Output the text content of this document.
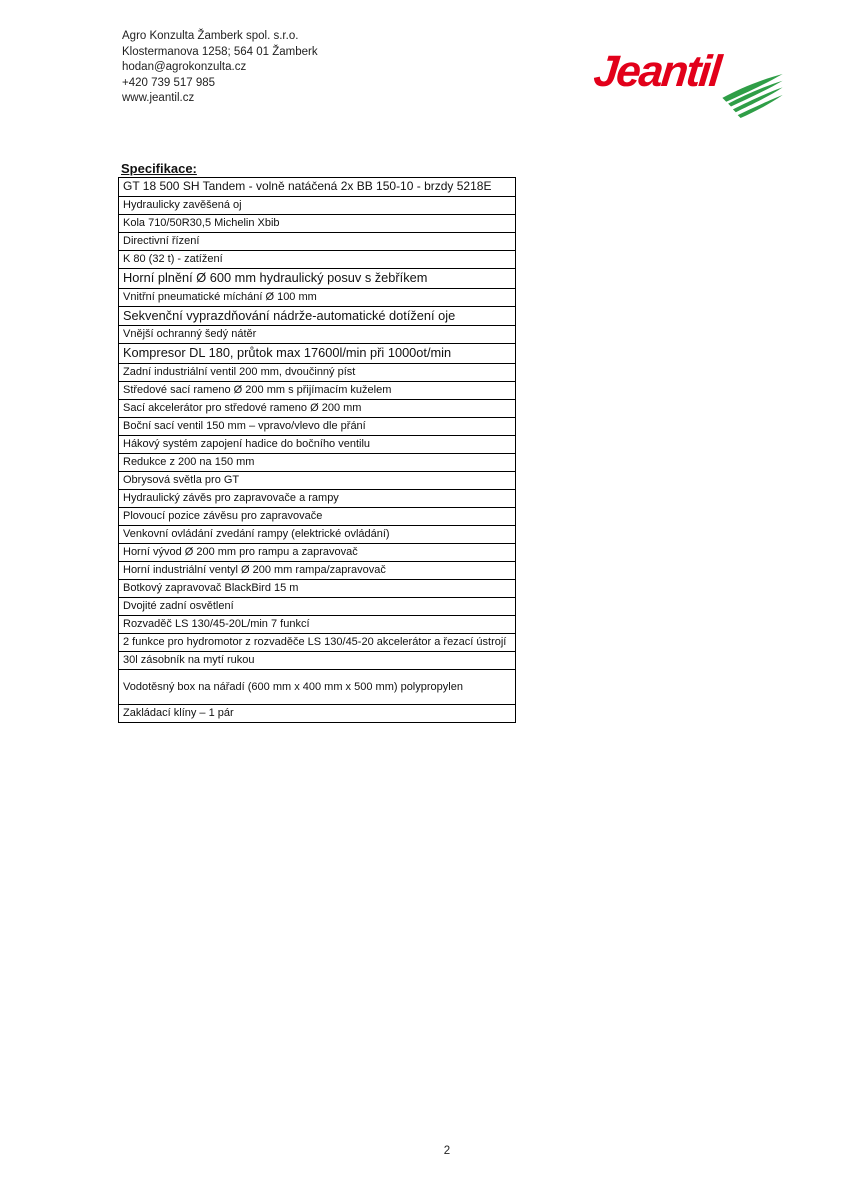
Agro Konzulta Žamberk spol. s.r.o.
Klostermanova 1258; 564 01 Žamberk
hodan@agrokonzulta.cz
+420 739 517 985
www.jeantil.cz
Jeantil
Specifikace:
GT 18 500 SH Tandem - volně natáčená 2x BB 150-10 - brzdy 5218E
Hydraulicky zavěšená oj
Kola 710/50R30,5 Michelin Xbib
Directivní řízení
K 80 (32 t) - zatížení
Horní plnění Ø 600 mm hydraulický posuv s žebříkem
Vnitřní pneumatické míchání Ø 100 mm
Sekvenční vyprazdňování nádrže-automatické dotížení oje
Vnější ochranný šedý nátěr
Kompresor DL 180, průtok max 17600l/min při 1000ot/min
Zadní industriální ventil 200 mm, dvoučinný píst
Středové sací rameno Ø 200 mm s přijímacím kuželem
Sací akcelerátor pro středové rameno Ø 200 mm
Boční sací ventil 150 mm – vpravo/vlevo dle přání
Hákový systém zapojení hadice do bočního ventilu
Redukce z 200 na 150 mm
Obrysová světla pro GT
Hydraulický závěs pro zapravovače a rampy
Plovoucí pozice závěsu pro zapravovače
Venkovní ovládání zvedání rampy (elektrické ovládání)
Horní vývod Ø 200 mm pro rampu a zapravovač
Horní industriální ventyl Ø 200 mm rampa/zapravovač
Botkový zapravovač BlackBird 15 m
Dvojité zadní osvětlení
Rozvaděč LS 130/45-20L/min 7 funkcí
2 funkce pro hydromotor z rozvaděče LS 130/45-20 akcelerátor a řezací ústrojí
30l zásobník na mytí rukou
Vodotěsný box na nářadí (600 mm x 400 mm x 500 mm) polypropylen
Zakládací klíny – 1 pár
2
